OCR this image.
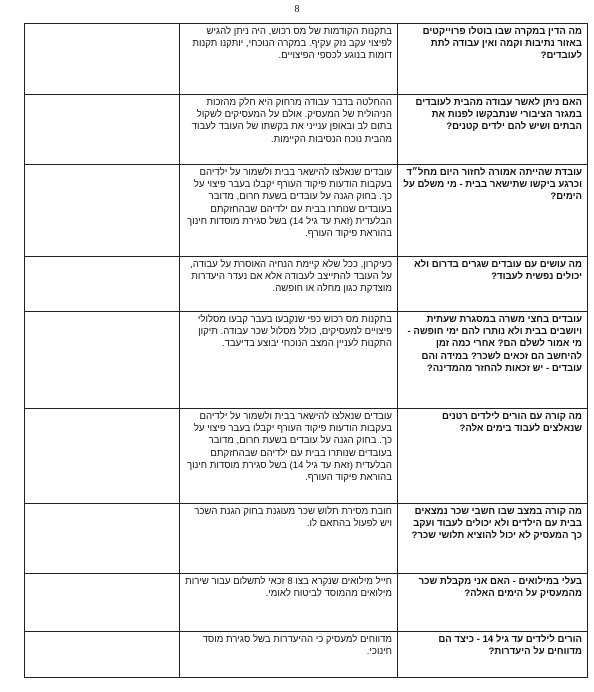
8
מה הדין במקרה שבו בוטלו פרוייקטים באזור נתיבות וקמה ואין עבודה לתת לעובדים?	בתקנות הקודמות של מס רכוש, היה ניתן להגיש לפיצוי עקב נזק עקיף. במקרה הנוכחי, יותקנו תקנות דומות בנוגע לכספי הפיצויים.	
האם ניתן לאשר עבודה מהבית לעובדים במגזר הציבורי שנתבקשו לפנות את הבתים ושיש להם ילדים קטנים?	ההחלטה בדבר עבודה מרחוק היא חלק מהזכות הניהולית של המעסיק. אולם על המעסיקים לשקול בתום לב ובאופן ענייני את בקשתו של העובד לעבוד מהבית נוכח הנסיבות הקיימות.	
עובדת שהייתה אמורה לחזור היום מחל״ד וכרגע ביקשו שתישאר בבית - מי משלם על הימים?	עובדים שנאלצו להישאר בבית ולשמור על ילדיהם בעקבות הודעות פיקוד העורף יקבלו בעבר פיצוי על כך. בחוק הגנה על עובדים בשעת חרום, מדובר בעובדים שנותרו בבית עם ילדיהם שבהחזקתם הבלעדית (זאת עד גיל 14) בשל סגירת מוסדות חינוך בהוראת פיקוד העורף.	
מה עושים עם עובדים שגרים בדרום ולא יכולים נפשית לעבוד?	כעיקרון, ככל שלא קיימת הנחיה האוסרת על עבודה, על העובד להתייצב לעבודה אלא אם נעדר היעדרות מוצדקת כגון מחלה או חופשה.	
עובדים בחצי משרה במסגרת שעתית ויושבים בבית ולא נותרו להם ימי חופשה - מי אמור לשלם הם? אחרי כמה זמן להיחשב הם זכאים לשכר? במידה והם עובדים - יש זכאות להחזר מהמדינה?	בתקנות מס רכוש כפי שנקבעו בעבר קבעו מסלולי פיצויים למעסיקים, כולל מסלול שכר עבודה. תיקון התקנות לעניין המצב הנוכחי יבוצע בדיעבד.	
מה קורה עם הורים לילדים רטנים שנאלצים לעבוד בימים אלה?	עובדים שנאלצו להישאר בבית ולשמור על ילדיהם בעקבות הודעות פיקוד העורף יקבלו בעבר פיצוי על כך. בחוק הגנה על עובדים בשעת חרום, מדובר בעובדים שנותרו בבית עם ילדיהם שבהחזקתם הבלעדית (זאת עד גיל 14) בשל סגירת מוסדות חינוך בהוראת פיקוד העורף.	
מה קורה במצב שבו חשבי שכר נמצאים בבית עם הילדים ולא יכולים לעבוד ועקב כך המעסיק לא יכול להוציא תלושי שכר?	חובת מסירת תלוש שכר מעוגנת בחוק הגנת השכר ויש לפעול בהתאם לו.	
בעלי במילואים - האם אני מקבלת שכר מהמעסיק על הימים האלה?	חייל מילואים שנקרא בצו 8 זכאי לתשלום עבור שירות מילואים מהמוסד לביטוח לאומי.	
הורים לילדים עד גיל 14 - כיצד הם מדווחים על היעדרות?	מדווחים למעסיק כי ההיעדרות בשל סגירת מוסד חינוכי.	
